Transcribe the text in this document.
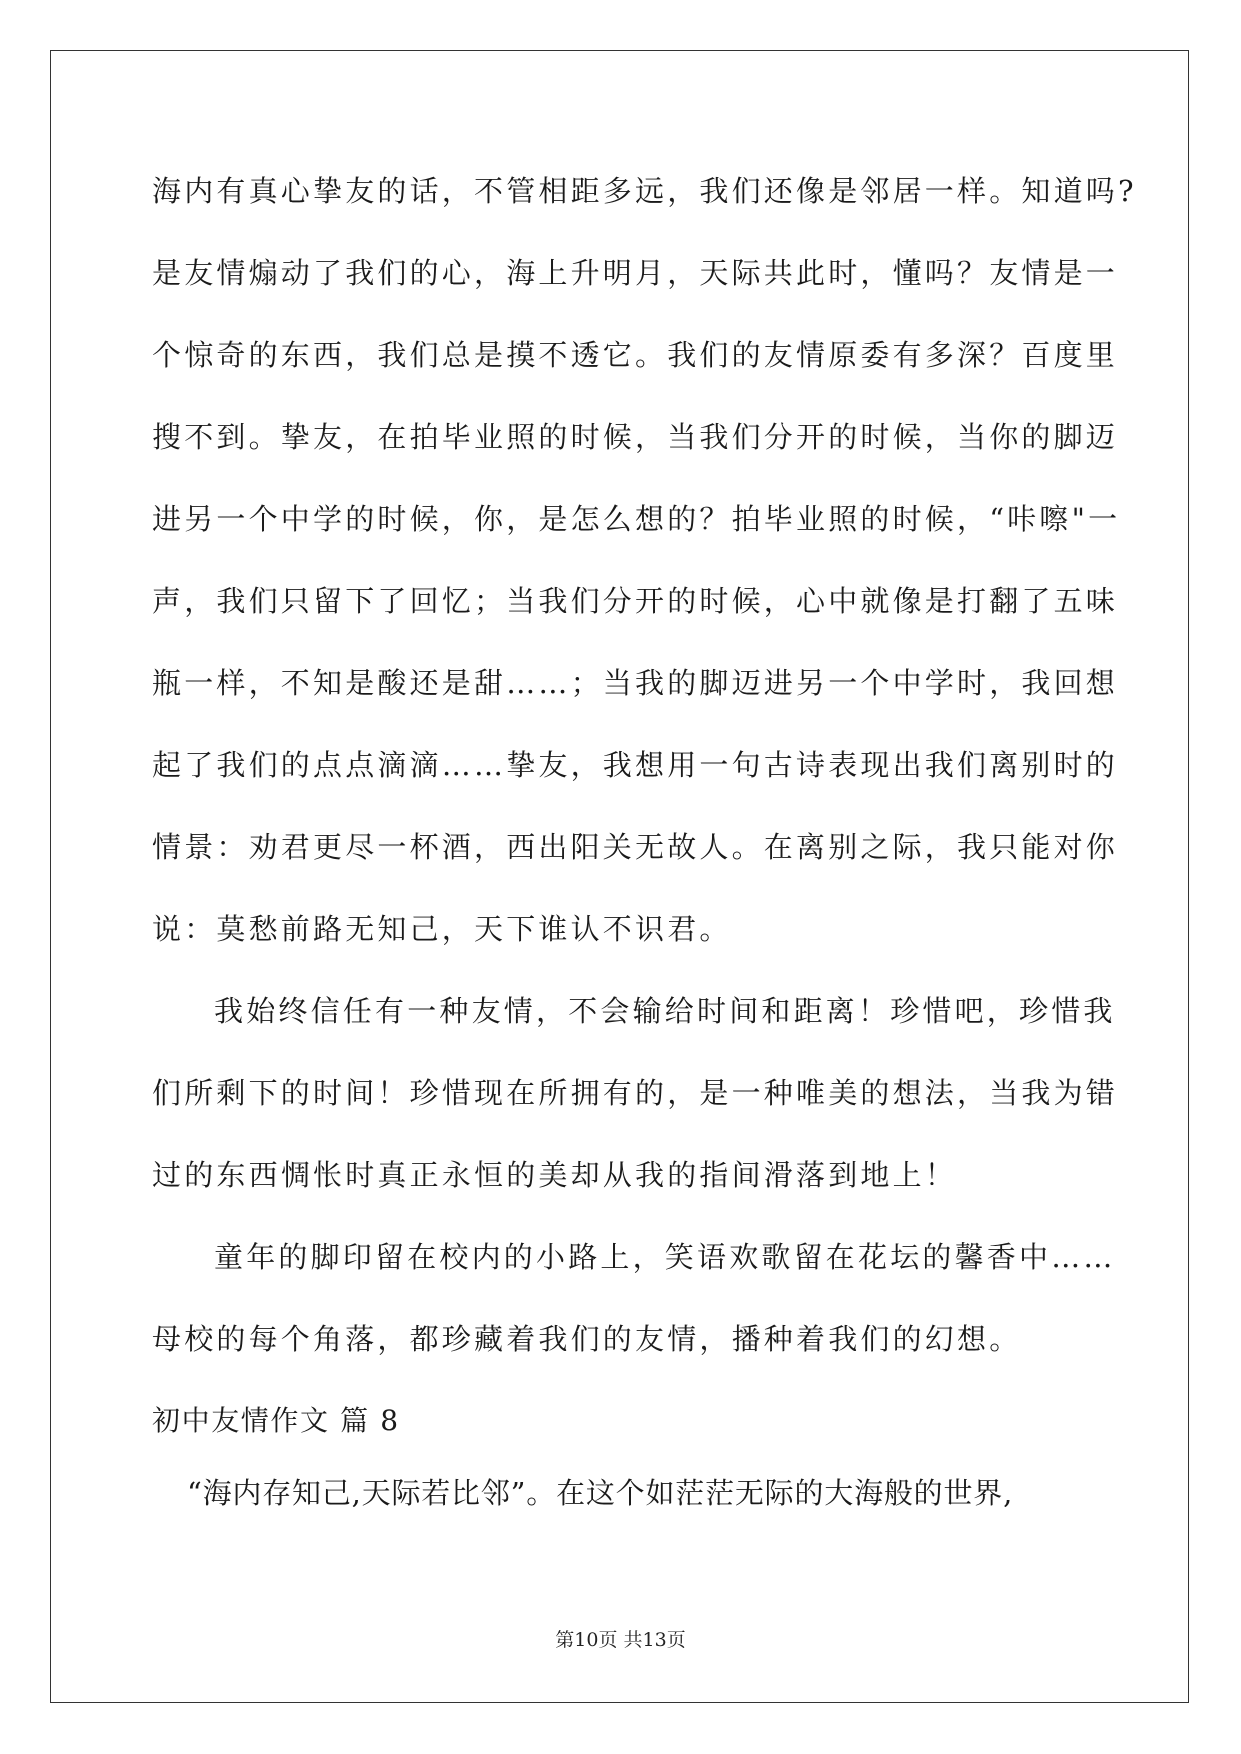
海内有真心挚友的话，不管相距多远，我们还像是邻居一样。知道吗?
是友情煽动了我们的心，海上升明月，天际共此时，懂吗？友情是一
个惊奇的东西，我们总是摸不透它。我们的友情原委有多深？百度里
搜不到。挚友，在拍毕业照的时候，当我们分开的时候，当你的脚迈
进另一个中学的时候，你，是怎么想的？拍毕业照的时候，“咔嚓"一
声，我们只留下了回忆；当我们分开的时候，心中就像是打翻了五味
瓶一样，不知是酸还是甜……；当我的脚迈进另一个中学时，我回想
起了我们的点点滴滴……挚友，我想用一句古诗表现出我们离别时的
情景：劝君更尽一杯酒，西出阳关无故人。在离别之际，我只能对你
说：莫愁前路无知己，天下谁认不识君。
我始终信任有一种友情，不会输给时间和距离！珍惜吧，珍惜我
们所剩下的时间！珍惜现在所拥有的，是一种唯美的想法，当我为错
过的东西惆怅时真正永恒的美却从我的指间滑落到地上！
童年的脚印留在校内的小路上，笑语欢歌留在花坛的馨香中……
母校的每个角落，都珍藏着我们的友情，播种着我们的幻想。
初中友情作文 篇 8
“海内存知己,天际若比邻”。在这个如茫茫无际的大海般的世界,
第10页 共13页
